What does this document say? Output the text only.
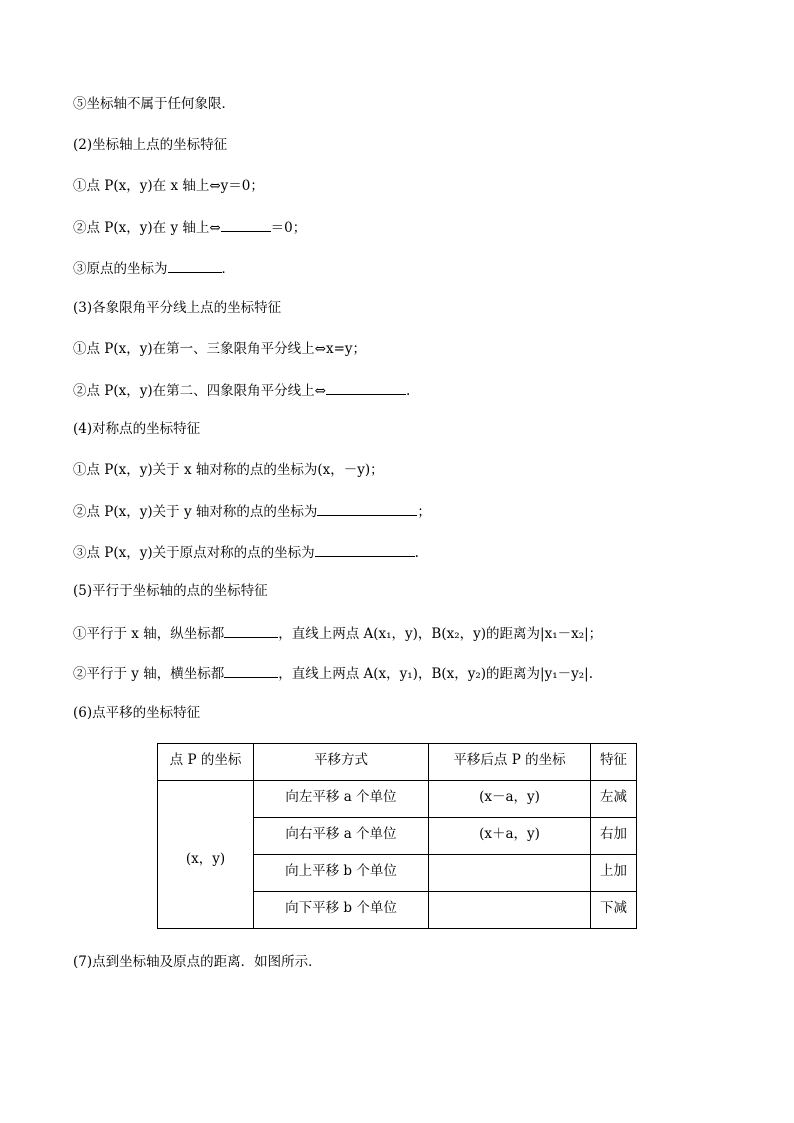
⑤坐标轴不属于任何象限．
(2)坐标轴上点的坐标特征
①点 P(x，y)在 x 轴上⇔y＝0；
②点 P(x，y)在 y 轴上⇔	＝0；
③原点的坐标为	．
(3)各象限角平分线上点的坐标特征
①点 P(x，y)在第一、三象限角平分线上⇔x=y；
②点 P(x，y)在第二、四象限角平分线上⇔	.
(4)对称点的坐标特征
①点 P(x，y)关于 x 轴对称的点的坐标为(x，－y)；
②点 P(x，y)关于 y 轴对称的点的坐标为	；
③点 P(x，y)关于原点对称的点的坐标为	.
(5)平行于坐标轴的点的坐标特征
①平行于 x 轴，纵坐标都	，直线上两点 A(x₁，y)，B(x₂，y)的距离为|x₁－x₂|；
②平行于 y 轴，横坐标都	，直线上两点 A(x，y₁)，B(x，y₂)的距离为|y₁－y₂|.
(6)点平移的坐标特征
点 P 的坐标	平移方式	平移后点 P 的坐标	特征
(x，y)	向左平移 a 个单位	(x－a，y)	左减
	向右平移 a 个单位	(x＋a，y)	右加
	向上平移 b 个单位		上加
	向下平移 b 个单位		下减
(7)点到坐标轴及原点的距离．如图所示．
